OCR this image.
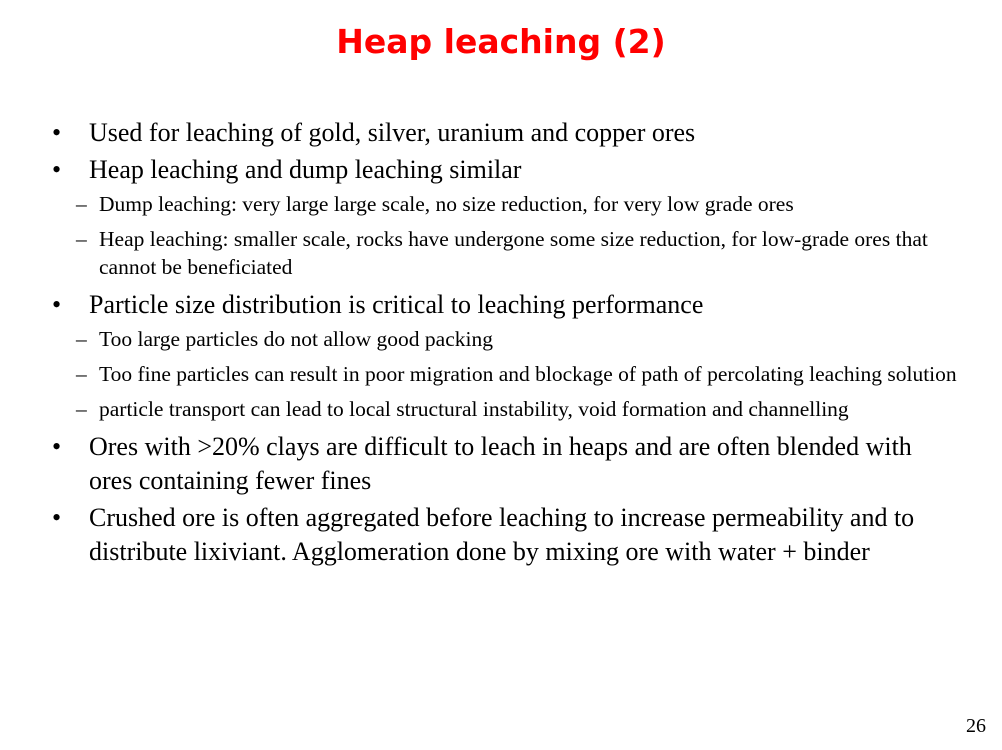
Heap leaching (2)
•	Used for leaching of gold, silver, uranium and copper ores
•	Heap leaching and dump leaching similar
– Dump leaching: very large large scale, no size reduction, for very low grade ores
– Heap leaching: smaller scale, rocks have undergone some size reduction, for low-grade ores that cannot be beneficiated
•	Particle size distribution is critical to leaching performance
– Too large particles do not allow good packing
– Too fine particles can result in poor migration and blockage of path of percolating leaching solution
– particle transport can lead to local structural instability, void formation and channelling
•	Ores with >20% clays are difficult to leach in heaps and are often blended with ores containing fewer fines
•	Crushed ore is often aggregated before leaching to increase permeability and to distribute lixiviant. Agglomeration done by mixing ore with water + binder
26
